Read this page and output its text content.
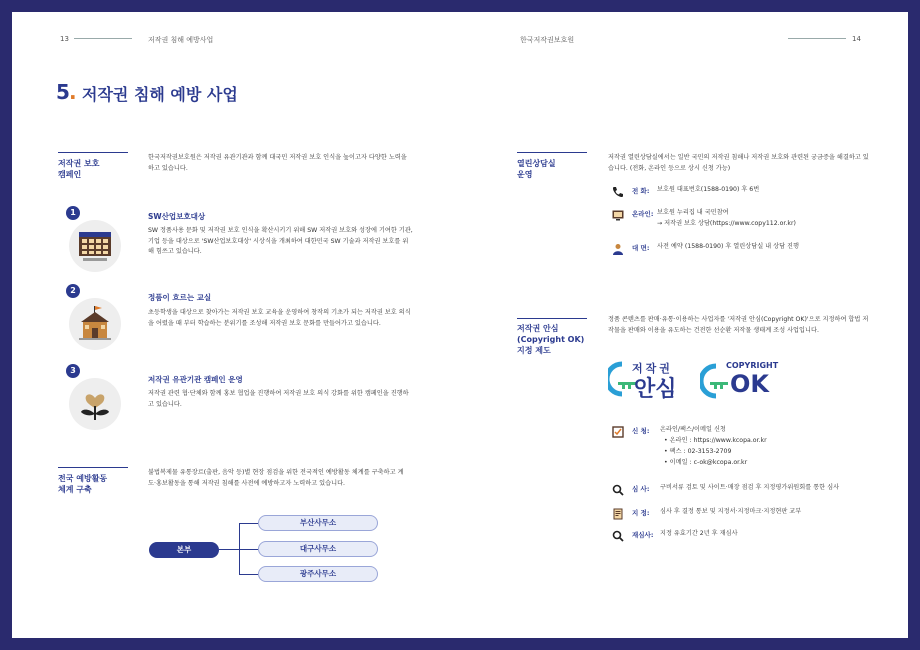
13	저작권 침해 예방사업	한국저작권보호원	14
5 . 저작권 침해 예방 사업
저작권 보호
캠페인
한국저작권보호원은 저작권 유관기관과 함께 대국민 저작권 보호 인식을 높이고자 다양한 노력을 하고 있습니다.
1	SW산업보호대상
SW 정품사용 문화 및 저작권 보호 인식을 확산시키기 위해 SW 저작권 보호와 성장에 기여한 기관, 기업 등을 대상으로 'SW산업보호대상' 시상식을 개최하여 대한민국 SW 기술과 저작권 보호를 위해 힘쓰고 있습니다.
2
정품이 흐르는 교실
초등학생을 대상으로 찾아가는 저작권 보호 교육을 운영하여 창작의 기초가 되는 저작권 보호 의식을 어렸을 때 부터 학습하는 분위기를 조성해 저작권 보호 문화를 만들어가고 있습니다.
3
저작권 유관기관 캠페인 운영
저작권 관련 협·단체와 함께 홍보 협업을 진행하여 저작권 보호 의식 강화를 위한 캠페인을 진행하고 있습니다.
전국 예방활동
체계 구축
불법복제물 유통장르(출판, 음악 등)별 현장 점검을 위한 전국적인 예방활동 체계를 구축하고 계도·홍보활동을 통해 저작권 침해를 사전에 예방하고자 노력하고 있습니다.
본부
부산사무소
대구사무소
광주사무소
열린상담실
운영
저작권 열린상담실에서는 일반 국민의 저작권 침해나 저작권 보호와 관련된 궁금증을 해결하고 있습니다. (전화, 온라인 등으로 상시 신청 가능)
전 화: 보호원 대표번호(1588-0190) 후 6번
온라인: 보호원 누리집 내 국민참여
→ 저작권 보호 상담(https://www.copy112.or.kr)
대 면: 사전 예약 (1588-0190) 후 열린상담실 내 상담 진행
저작권 안심
(Copyright OK)
지정 제도
정품 콘텐츠를 판매·유통·이용하는 사업자를 '저작권 안심(Copyright OK)'으로 지정하여 합법 저작물을 판매와 이용을 유도하는 건전한 선순환 저작물 생태계 조성 사업입니다.
저작권
안심
COPYRIGHT
OK
신 청: 온라인/팩스/이메일 신청
• 온라인 : https://www.kcopa.or.kr
• 팩스 : 02-3153-2709
• 이메일 : c-ok@kcopa.or.kr
심 사: 구비서류 검토 및 사이트·매장 점검 후 지정평가위원회를 통한 심사
지 정: 심사 후 결정 통보 및 지정서·지정마크·지정현판 교부
재심사: 지정 유효기간 2년 후 재심사
